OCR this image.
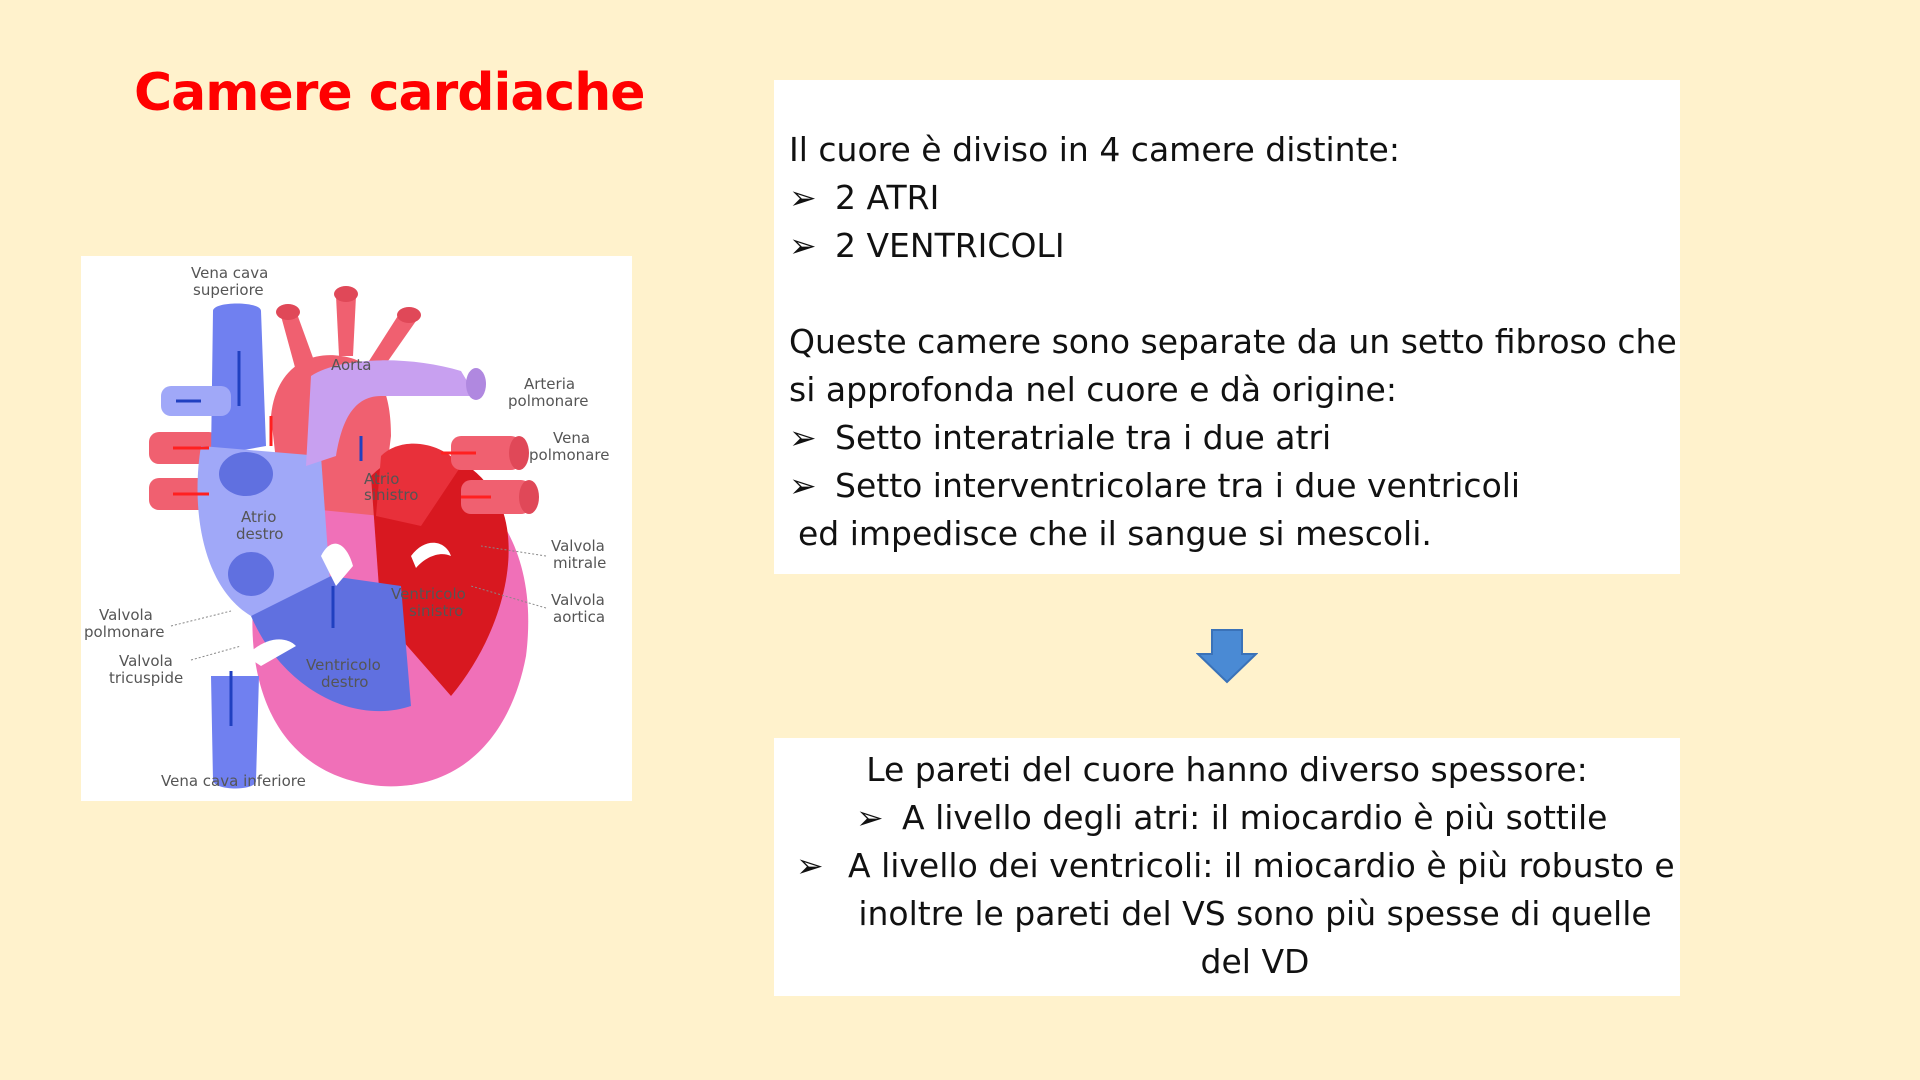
Camere cardiache
Vena cava
superiore
Aorta
Arteria
polmonare
Vena
polmonare
Atrio
sinistro
Atrio
destro
Valvola
mitrale
Valvola
aortica
Valvola
polmonare
Valvola
tricuspide
Ventricolo
sinistro
Ventricolo
destro
Vena cava inferiore
Il cuore è diviso in 4 camere distinte:
➢ 2 ATRI
➢ 2 VENTRICOLI
Queste camere sono separate da un setto fibroso che
si approfonda nel cuore e dà origine:
➢ Setto interatriale tra i due atri
➢ Setto interventricolare tra i due ventricoli
ed impedisce che il sangue si mescoli.
Le pareti del cuore hanno diverso spessore:
➢ A livello degli atri: il miocardio è più sottile
➢ A livello dei ventricoli: il miocardio è più robusto e
inoltre le pareti del VS sono più spesse di quelle
del VD
